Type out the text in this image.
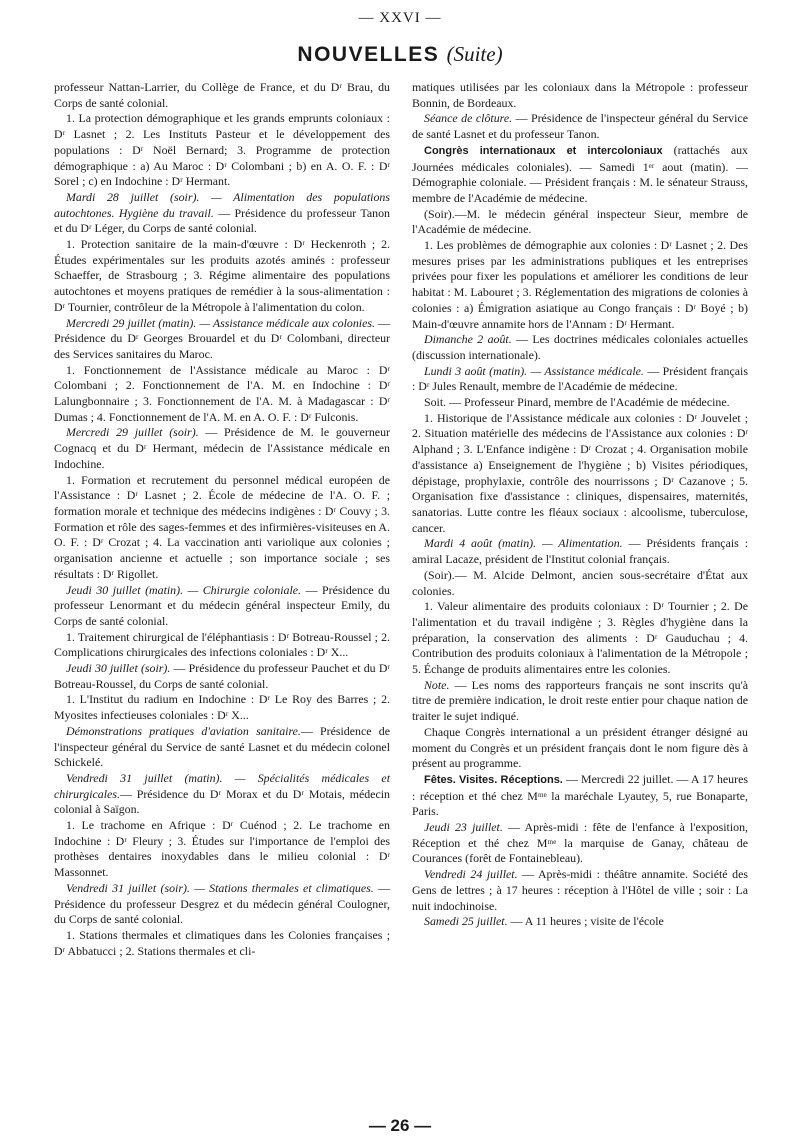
— XXVI —
NOUVELLES (Suite)

professeur Nattan-Larrier, du Collège de France, et du Dʳ Brau, du Corps de santé colonial.

1. La protection démographique et les grands emprunts coloniaux : Dʳ Lasnet ; 2. Les Instituts Pasteur et le développement des populations : Dʳ Noël Bernard; 3. Programme de protection démographique : a) Au Maroc : Dʳ Colombani ; b) en A. O. F. : Dʳ Sorel ; c) en Indochine : Dʳ Hermant.

Mardi 28 juillet (soir). — Alimentation des populations autochtones. Hygiène du travail. — Présidence du professeur Tanon et du Dʳ Léger, du Corps de santé colonial.

1. Protection sanitaire de la main-d'œuvre : Dʳ Heckenroth ; 2. Études expérimentales sur les produits azotés aminés : professeur Schaeffer, de Strasbourg ; 3. Régime alimentaire des populations autochtones et moyens pratiques de remédier à la sous-alimentation : Dʳ Tournier, contrôleur de la Métropole à l'alimentation du colon.

Mercredi 29 juillet (matin). — Assistance médicale aux colonies. — Présidence du Dʳ Georges Brouardel et du Dʳ Colombani, directeur des Services sanitaires du Maroc.

1. Fonctionnement de l'Assistance médicale au Maroc : Dʳ Colombani ; 2. Fonctionnement de l'A. M. en Indochine : Dʳ Lalungbonnaire ; 3. Fonctionnement de l'A. M. à Madagascar : Dʳ Dumas ; 4. Fonctionnement de l'A. M. en A. O. F. : Dʳ Fulconis.

Mercredi 29 juillet (soir). — Présidence de M. le gouverneur Cognacq et du Dʳ Hermant, médecin de l'Assistance médicale en Indochine.

1. Formation et recrutement du personnel médical européen de l'Assistance : Dʳ Lasnet ; 2. École de médecine de l'A. O. F. ; formation morale et technique des médecins indigènes : Dʳ Couvy ; 3. Formation et rôle des sages-femmes et des infirmières-visiteuses en A. O. F. : Dʳ Crozat ; 4. La vaccination anti variolique aux colonies ; organisation ancienne et actuelle ; son importance sociale ; ses résultats : Dʳ Rigollet.

Jeudi 30 juillet (matin). — Chirurgie coloniale. — Présidence du professeur Lenormant et du médecin général inspecteur Emily, du Corps de santé colonial.

1. Traitement chirurgical de l'éléphantiasis : Dʳ Botreau-Roussel ; 2. Complications chirurgicales des infections coloniales : Dʳ X...

Jeudi 30 juillet (soir). — Présidence du professeur Pauchet et du Dʳ Botreau-Roussel, du Corps de santé colonial.

1. L'Institut du radium en Indochine : Dʳ Le Roy des Barres ; 2. Myosites infectieuses coloniales : Dʳ X...

Démonstrations pratiques d'aviation sanitaire.— Présidence de l'inspecteur général du Service de santé Lasnet et du médecin colonel Schickelé.

Vendredi 31 juillet (matin). — Spécialités médicales et chirurgicales.— Présidence du Dʳ Morax et du Dʳ Motais, médecin colonial à Saïgon.

1. Le trachome en Afrique : Dʳ Cuénod ; 2. Le trachome en Indochine : Dʳ Fleury ; 3. Études sur l'importance de l'emploi des prothèses dentaires inoxydables dans le milieu colonial : Dʳ Massonnet.

Vendredi 31 juillet (soir). — Stations thermales et climatiques. — Présidence du professeur Desgrez et du médecin général Coulogner, du Corps de santé colonial.

1. Stations thermales et climatiques dans les Colonies françaises ; Dʳ Abbatucci ; 2. Stations thermales et cli-

matiques utilisées par les coloniaux dans la Métropole : professeur Bonnin, de Bordeaux.

Séance de clôture. — Présidence de l'inspecteur général du Service de santé Lasnet et du professeur Tanon.

Congrès internationaux et intercoloniaux (rattachés aux Journées médicales coloniales). — Samedi 1ᵉʳ aout (matin). — Démographie coloniale. — Président français : M. le sénateur Strauss, membre de l'Académie de médecine.

(Soir).—M. le médecin général inspecteur Sieur, membre de l'Académie de médecine.

1. Les problèmes de démographie aux colonies : Dʳ Lasnet ; 2. Des mesures prises par les administrations publiques et les entreprises privées pour fixer les populations et améliorer les conditions de leur habitat : M. Labouret ; 3. Réglementation des migrations de colonies à colonies : a) Émigration asiatique au Congo français : Dʳ Boyé ; b) Main-d'œuvre annamite hors de l'Annam : Dʳ Hermant.

Dimanche 2 août. — Les doctrines médicales coloniales actuelles (discussion internationale).

Lundi 3 août (matin). — Assistance médicale. — Président français : Dʳ Jules Renault, membre de l'Académie de médecine.

Soit. — Professeur Pinard, membre de l'Académie de médecine.

1. Historique de l'Assistance médicale aux colonies : Dʳ Jouvelet ; 2. Situation matérielle des médecins de l'Assistance aux colonies : Dʳ Alphand ; 3. L'Enfance indigène : Dʳ Crozat ; 4. Organisation mobile d'assistance a) Enseignement de l'hygiène ; b) Visites périodiques, dépistage, prophylaxie, contrôle des nourrissons ; Dʳ Cazanove ; 5. Organisation fixe d'assistance : cliniques, dispensaires, maternités, sanatorias. Lutte contre les fléaux sociaux : alcoolisme, tuberculose, cancer.

Mardi 4 août (matin). — Alimentation. — Présidents français : amiral Lacaze, président de l'Institut colonial français.

(Soir).— M. Alcide Delmont, ancien sous-secrétaire d'État aux colonies.

1. Valeur alimentaire des produits coloniaux : Dʳ Tournier ; 2. De l'alimentation et du travail indigène ; 3. Règles d'hygiène dans la préparation, la conservation des aliments : Dʳ Gauduchau ; 4. Contribution des produits coloniaux à l'alimentation de la Métropole ; 5. Échange de produits alimentaires entre les colonies.

Note. — Les noms des rapporteurs français ne sont inscrits qu'à titre de première indication, le droit reste entier pour chaque nation de traiter le sujet indiqué.

Chaque Congrès international a un président étranger désigné au moment du Congrès et un président français dont le nom figure dès à présent au programme.

Fêtes. Visites. Réceptions. — Mercredi 22 juillet. — A 17 heures : réception et thé chez Mᵐᵉ la maréchale Lyautey, 5, rue Bonaparte, Paris.

Jeudi 23 juillet. — Après-midi : fête de l'enfance à l'exposition, Réception et thé chez Mᵐᵉ la marquise de Ganay, château de Courances (forêt de Fontainebleau).

Vendredi 24 juillet. — Après-midi : théâtre annamite. Société des Gens de lettres ; à 17 heures : réception à l'Hôtel de ville ; soir : La nuit indochinoise.

Samedi 25 juillet. — A 11 heures ; visite de l'école

— 26 —
